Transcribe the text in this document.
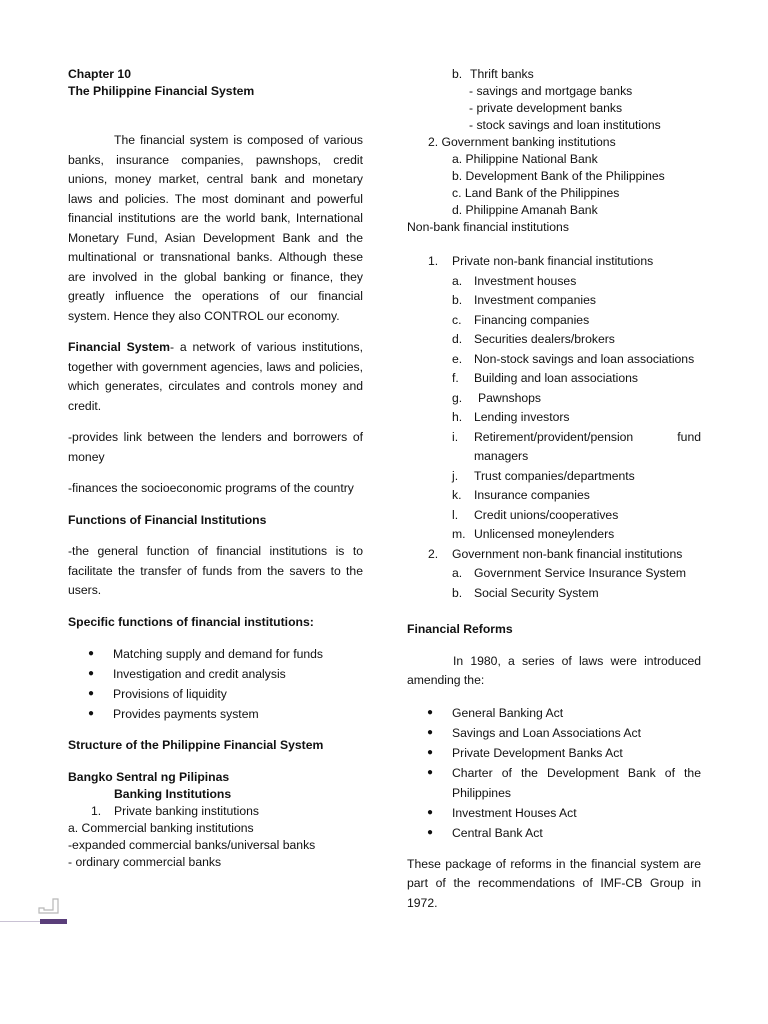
Chapter 10
The Philippine Financial System

The financial system is composed of various banks, insurance companies, pawnshops, credit unions, money market, central bank and monetary laws and policies. The most dominant and powerful financial institutions are the world bank, International Monetary Fund, Asian Development Bank and the multinational or transnational banks. Although these are involved in the global banking or finance, they greatly influence the operations of our financial system. Hence they also CONTROL our economy.

Financial System- a network of various institutions, together with government agencies, laws and policies, which generates, circulates and controls money and credit.

-provides link between the lenders and borrowers of money

-finances the socioeconomic programs of the country

Functions of Financial Institutions

-the general function of financial institutions is to facilitate the transfer of funds from the savers to the users.

Specific functions of financial institutions:

●	Matching supply and demand for funds
●	Investigation and credit analysis
●	Provisions of liquidity
●	Provides payments system

Structure of the Philippine Financial System

Bangko Sentral ng Pilipinas
Banking Institutions
1.	Private banking institutions
a. Commercial banking institutions
-expanded commercial banks/universal banks
- ordinary commercial banks
b. Thrift banks
- savings and mortgage banks
- private development banks
- stock savings and loan institutions
2. Government banking institutions
a. Philippine National Bank
b. Development Bank of the Philippines
c. Land Bank of the Philippines
d. Philippine Amanah Bank
Non-bank financial institutions
1.	Private non-bank financial institutions
a. Investment houses
b. Investment companies
c.	Financing companies
d. Securities dealers/brokers
e. Non-stock savings and loan associations
f.	Building and loan associations
g.	Pawnshops
h. Lending investors
i.	Retirement/provident/pension fund managers
j.	Trust companies/departments
k.	Insurance companies
l.	Credit unions/cooperatives
m. Unlicensed moneylenders
2.	Government non-bank financial institutions
a. Government Service Insurance System
b. Social Security System

Financial Reforms

In 1980, a series of laws were introduced amending the:

●	General Banking Act
●	Savings and Loan Associations Act
●	Private Development Banks Act
●	Charter of the Development Bank of the Philippines
●	Investment Houses Act
●	Central Bank Act

These package of reforms in the financial system are part of the recommendations of IMF-CB Group in 1972.
